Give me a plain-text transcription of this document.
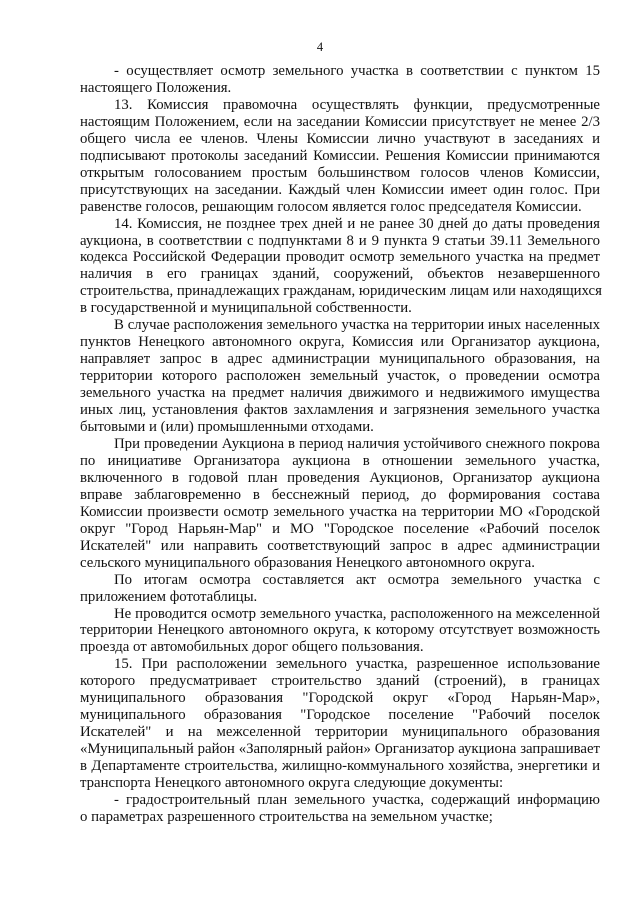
4
- осуществляет осмотр земельного участка в соответствии с пунктом 15
настоящего Положения.
13. Комиссия правомочна осуществлять функции, предусмотренные
настоящим Положением, если на заседании Комиссии присутствует не менее 2/3
общего числа ее членов. Члены Комиссии лично участвуют в заседаниях и
подписывают протоколы заседаний Комиссии. Решения Комиссии принимаются
открытым голосованием простым большинством голосов членов Комиссии,
присутствующих на заседании. Каждый член Комиссии имеет один голос. При
равенстве голосов, решающим голосом является голос председателя Комиссии.
14. Комиссия, не позднее трех дней и не ранее 30 дней до даты проведения
аукциона, в соответствии с подпунктами 8 и 9 пункта 9 статьи 39.11 Земельного
кодекса Российской Федерации проводит осмотр земельного участка на предмет
наличия в его границах зданий, сооружений, объектов незавершенного
строительства, принадлежащих гражданам, юридическим лицам или находящихся
в государственной и муниципальной собственности.
В случае расположения земельного участка на территории иных населенных
пунктов Ненецкого автономного округа, Комиссия или Организатор аукциона,
направляет запрос в адрес администрации муниципального образования, на
территории которого расположен земельный участок, о проведении осмотра
земельного участка на предмет наличия движимого и недвижимого имущества
иных лиц, установления фактов захламления и загрязнения земельного участка
бытовыми и (или) промышленными отходами.
При проведении Аукциона в период наличия устойчивого снежного покрова
по инициативе Организатора аукциона в отношении земельного участка,
включенного в годовой план проведения Аукционов, Организатор аукциона
вправе заблаговременно в бесснежный период, до формирования состава
Комиссии произвести осмотр земельного участка на территории МО «Городской
округ "Город Нарьян-Мар" и МО "Городское поселение «Рабочий поселок
Искателей" или направить соответствующий запрос в адрес администрации
сельского муниципального образования Ненецкого автономного округа.
По итогам осмотра составляется акт осмотра земельного участка с
приложением фототаблицы.
Не проводится осмотр земельного участка, расположенного на межселенной
территории Ненецкого автономного округа, к которому отсутствует возможность
проезда от автомобильных дорог общего пользования.
15. При расположении земельного участка, разрешенное использование
которого предусматривает строительство зданий (строений), в границах
муниципального образования "Городской округ «Город Нарьян-Мар»,
муниципального образования "Городское поселение "Рабочий поселок
Искателей" и на межселенной территории муниципального образования
«Муниципальный район «Заполярный район» Организатор аукциона запрашивает
в Департаменте строительства, жилищно-коммунального хозяйства, энергетики и
транспорта Ненецкого автономного округа следующие документы:
- градостроительный план земельного участка, содержащий информацию
о параметрах разрешенного строительства на земельном участке;
